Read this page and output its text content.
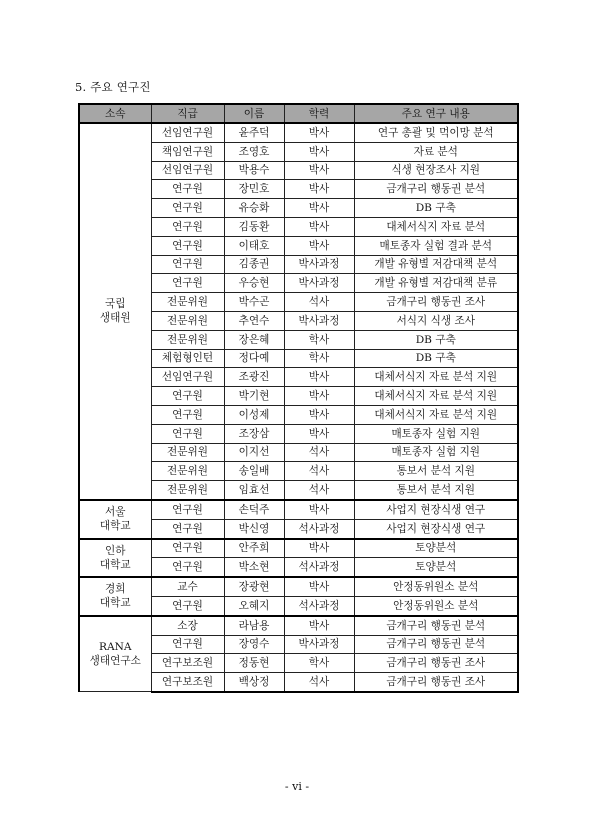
5. 주요 연구진
소속	직급	이름	학력	주요 연구 내용
국립
생태원	선임연구원	윤주덕	박사	연구 총괄 및 먹이망 분석
	책임연구원	조영호	박사	자료 분석
	선임연구원	박용수	박사	식생 현장조사 지원
	연구원	장민호	박사	금개구리 행동권 분석
	연구원	유승화	박사	DB 구축
	연구원	김동환	박사	대체서식지 자료 분석
	연구원	이태호	박사	매토종자 실험 결과 분석
	연구원	김종권	박사과정	개발 유형별 저감대책 분석
	연구원	우승현	박사과정	개발 유형별 저감대책 분류
	전문위원	박수곤	석사	금개구리 행동권 조사
	전문위원	추연수	박사과정	서식지 식생 조사
	전문위원	장은혜	학사	DB 구축
	체험형인턴	정다예	학사	DB 구축
	선임연구원	조광진	박사	대체서식지 자료 분석 지원
	연구원	박기현	박사	대체서식지 자료 분석 지원
	연구원	이성제	박사	대체서식지 자료 분석 지원
	연구원	조장삼	박사	매토종자 실험 지원
	전문위원	이지선	석사	매토종자 실험 지원
	전문위원	송일배	석사	통보서 분석 지원
	전문위원	임효선	석사	통보서 분석 지원
서울
대학교	연구원	손덕주	박사	사업지 현장식생 연구
	연구원	박신영	석사과정	사업지 현장식생 연구
인하
대학교	연구원	안주희	박사	토양분석
	연구원	박소현	석사과정	토양분석
경희
대학교	교수	장광현	박사	안정동위원소 분석
	연구원	오혜지	석사과정	안정동위원소 분석
RANA
생태연구소	소장	라남용	박사	금개구리 행동권 분석
	연구원	장영수	박사과정	금개구리 행동권 분석
	연구보조원	정동현	학사	금개구리 행동권 조사
	연구보조원	백상정	석사	금개구리 행동권 조사
- vi -
